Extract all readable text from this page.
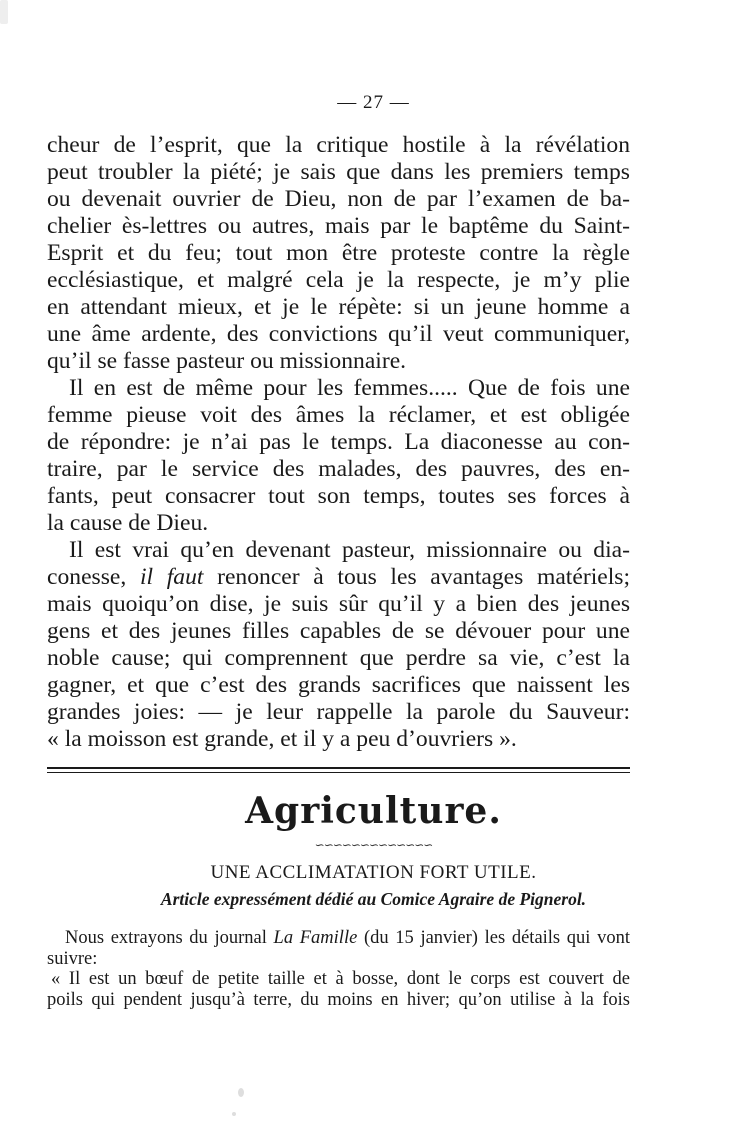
— 27 —
cheur de l’esprit, que la critique hostile à la révélation
peut troubler la piété; je sais que dans les premiers temps
ou devenait ouvrier de Dieu, non de par l’examen de ba-
chelier ès-lettres ou autres, mais par le baptême du Saint-
Esprit et du feu; tout mon être proteste contre la règle
ecclésiastique, et malgré cela je la respecte, je m’y plie
en attendant mieux, et je le répète: si un jeune homme a
une âme ardente, des convictions qu’il veut communiquer,
qu’il se fasse pasteur ou missionnaire.
Il en est de même pour les femmes..... Que de fois une
femme pieuse voit des âmes la réclamer, et est obligée
de répondre: je n’ai pas le temps. La diaconesse au con-
traire, par le service des malades, des pauvres, des en-
fants, peut consacrer tout son temps, toutes ses forces à
la cause de Dieu.
Il est vrai qu’en devenant pasteur, missionnaire ou dia-
conesse, il faut renoncer à tous les avantages matériels;
mais quoiqu’on dise, je suis sûr qu’il y a bien des jeunes
gens et des jeunes filles capables de se dévouer pour une
noble cause; qui comprennent que perdre sa vie, c’est la
gagner, et que c’est des grands sacrifices que naissent les
grandes joies: — je leur rappelle la parole du Sauveur:
« la moisson est grande, et il y a peu d’ouvriers ».
Agriculture.
∽∽∽∽∽∽∽∽∽∽∽∽∽
UNE ACCLIMATATION FORT UTILE.
Article expressément dédié au Comice Agraire de Pignerol.
Nous extrayons du journal La Famille (du 15 janvier) les détails qui vont
suivre:
« Il est un bœuf de petite taille et à bosse, dont le corps est couvert de
poils qui pendent jusqu’à terre, du moins en hiver; qu’on utilise à la fois
